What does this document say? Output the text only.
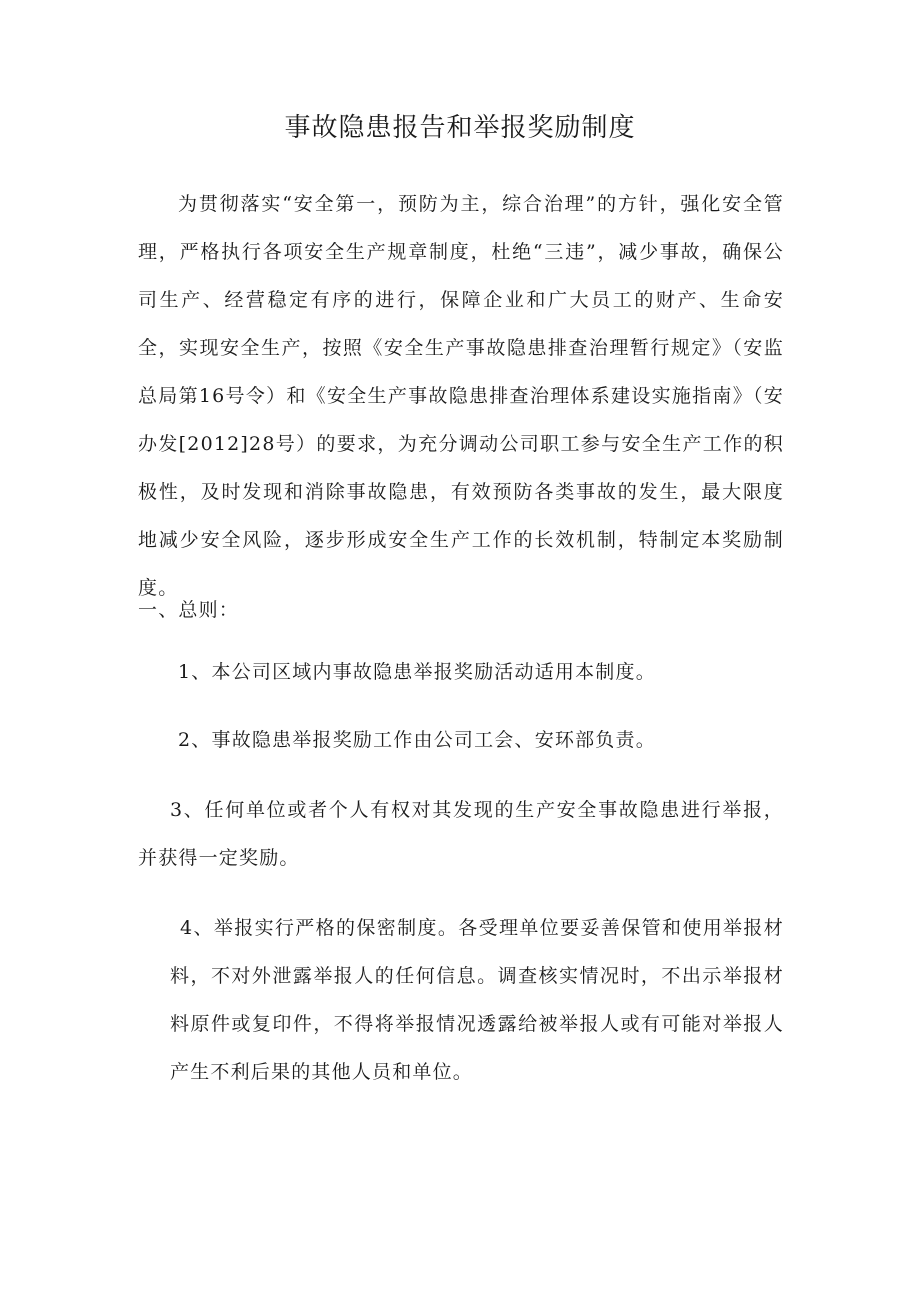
事故隐患报告和举报奖励制度

为贯彻落实“安全第一，预防为主，综合治理”的方针，强化安全管理，严格执行各项安全生产规章制度，杜绝“三违”，减少事故，确保公司生产、经营稳定有序的进行，保障企业和广大员工的财产、生命安全，实现安全生产，按照《安全生产事故隐患排查治理暂行规定》（安监总局第16号令）和《安全生产事故隐患排查治理体系建设实施指南》（安办发[2012]28号）的要求，为充分调动公司职工参与安全生产工作的积极性，及时发现和消除事故隐患，有效预防各类事故的发生，最大限度地减少安全风险，逐步形成安全生产工作的长效机制，特制定本奖励制度。

一、总则：

1、本公司区域内事故隐患举报奖励活动适用本制度。

2、事故隐患举报奖励工作由公司工会、安环部负责。

3、任何单位或者个人有权对其发现的生产安全事故隐患进行举报，并获得一定奖励。

4、举报实行严格的保密制度。各受理单位要妥善保管和使用举报材料，不对外泄露举报人的任何信息。调查核实情况时，不出示举报材料原件或复印件，不得将举报情况透露给被举报人或有可能对举报人产生不利后果的其他人员和单位。
